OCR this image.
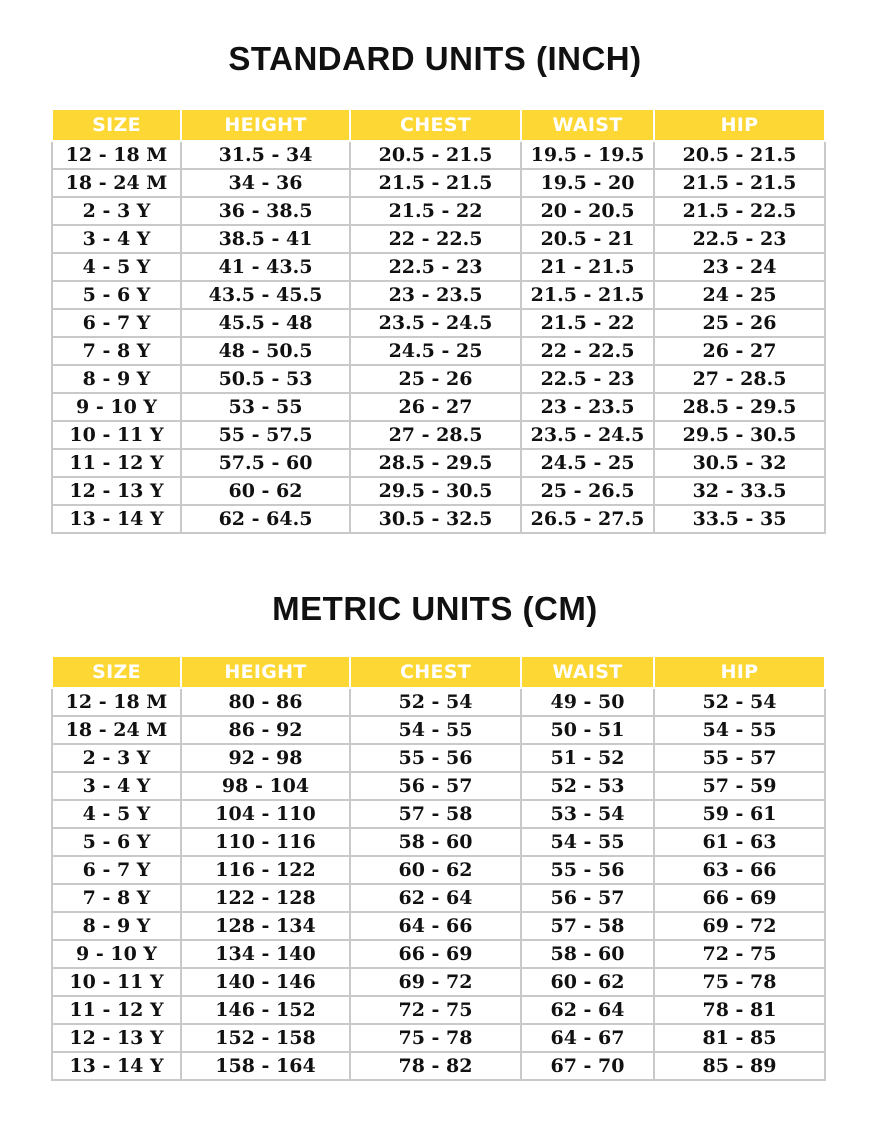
STANDARD UNITS (INCH)
SIZE	HEIGHT	CHEST	WAIST	HIP
12 - 18 M	31.5 - 34	20.5 - 21.5	19.5 - 19.5	20.5 - 21.5
18 - 24 M	34 - 36	21.5 - 21.5	19.5 - 20	21.5 - 21.5
2 - 3 Y	36 - 38.5	21.5 - 22	20 - 20.5	21.5 - 22.5
3 - 4 Y	38.5 - 41	22 - 22.5	20.5 - 21	22.5 - 23
4 - 5 Y	41 - 43.5	22.5 - 23	21 - 21.5	23 - 24
5 - 6 Y	43.5 - 45.5	23 - 23.5	21.5 - 21.5	24 - 25
6 - 7 Y	45.5 - 48	23.5 - 24.5	21.5 - 22	25 - 26
7 - 8 Y	48 - 50.5	24.5 - 25	22 - 22.5	26 - 27
8 - 9 Y	50.5 - 53	25 - 26	22.5 - 23	27 - 28.5
9 - 10 Y	53 - 55	26 - 27	23 - 23.5	28.5 - 29.5
10 - 11 Y	55 - 57.5	27 - 28.5	23.5 - 24.5	29.5 - 30.5
11 - 12 Y	57.5 - 60	28.5 - 29.5	24.5 - 25	30.5 - 32
12 - 13 Y	60 - 62	29.5 - 30.5	25 - 26.5	32 - 33.5
13 - 14 Y	62 - 64.5	30.5 - 32.5	26.5 - 27.5	33.5 - 35
METRIC UNITS (CM)
SIZE	HEIGHT	CHEST	WAIST	HIP
12 - 18 M	80 - 86	52 - 54	49 - 50	52 - 54
18 - 24 M	86 - 92	54 - 55	50 - 51	54 - 55
2 - 3 Y	92 - 98	55 - 56	51 - 52	55 - 57
3 - 4 Y	98 - 104	56 - 57	52 - 53	57 - 59
4 - 5 Y	104 - 110	57 - 58	53 - 54	59 - 61
5 - 6 Y	110 - 116	58 - 60	54 - 55	61 - 63
6 - 7 Y	116 - 122	60 - 62	55 - 56	63 - 66
7 - 8 Y	122 - 128	62 - 64	56 - 57	66 - 69
8 - 9 Y	128 - 134	64 - 66	57 - 58	69 - 72
9 - 10 Y	134 - 140	66 - 69	58 - 60	72 - 75
10 - 11 Y	140 - 146	69 - 72	60 - 62	75 - 78
11 - 12 Y	146 - 152	72 - 75	62 - 64	78 - 81
12 - 13 Y	152 - 158	75 - 78	64 - 67	81 - 85
13 - 14 Y	158 - 164	78 - 82	67 - 70	85 - 89
